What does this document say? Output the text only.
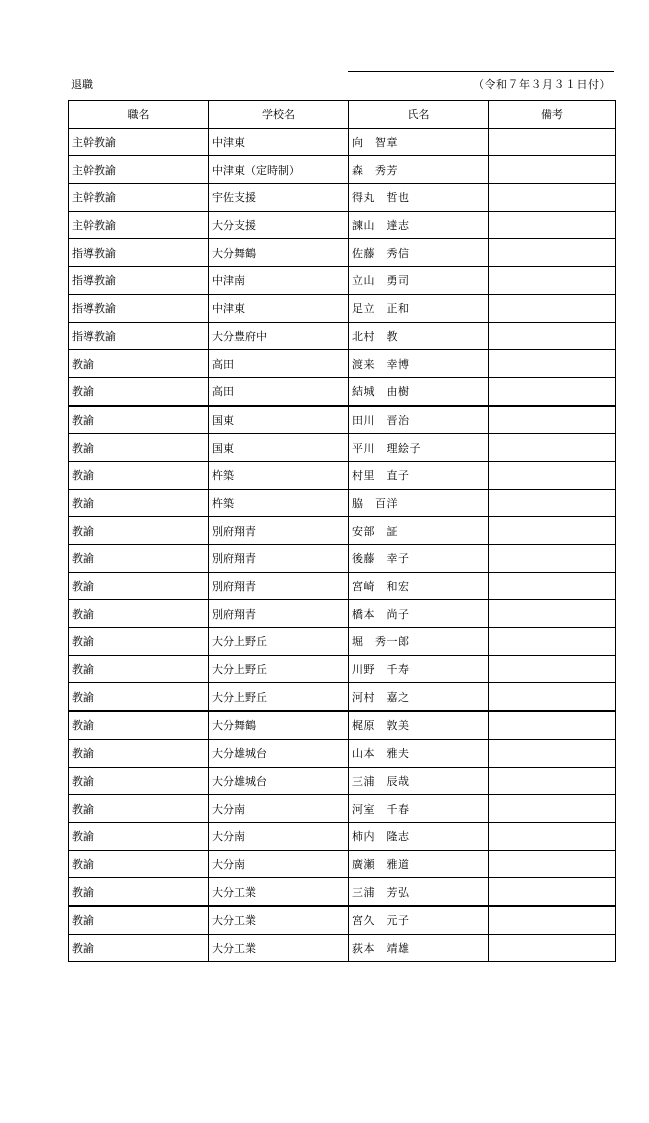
退職	（令和７年３月３１日付）
職名	学校名	氏名	備考
主幹教諭	中津東	向　智章	
主幹教諭	中津東（定時制）	森　秀芳	
主幹教諭	宇佐支援	得丸　哲也	
主幹教諭	大分支援	諫山　達志	
指導教諭	大分舞鶴	佐藤　秀信	
指導教諭	中津南	立山　勇司	
指導教諭	中津東	足立　正和	
指導教諭	大分豊府中	北村　教	
教諭	高田	渡来　幸博	
教諭	高田	結城　由樹	
教諭	国東	田川　晋治	
教諭	国東	平川　理絵子	
教諭	杵築	村里　直子	
教諭	杵築	脇　百洋	
教諭	別府翔青	安部　証	
教諭	別府翔青	後藤　幸子	
教諭	別府翔青	宮崎　和宏	
教諭	別府翔青	橋本　尚子	
教諭	大分上野丘	堀　秀一郎	
教諭	大分上野丘	川野　千寿	
教諭	大分上野丘	河村　嘉之	
教諭	大分舞鶴	梶原　敦美	
教諭	大分雄城台	山本　雅夫	
教諭	大分雄城台	三浦　辰哉	
教諭	大分南	河室　千春	
教諭	大分南	柿内　隆志	
教諭	大分南	廣瀬　雅道	
教諭	大分工業	三浦　芳弘	
教諭	大分工業	宮久　元子	
教諭	大分工業	荻本　靖雄	
